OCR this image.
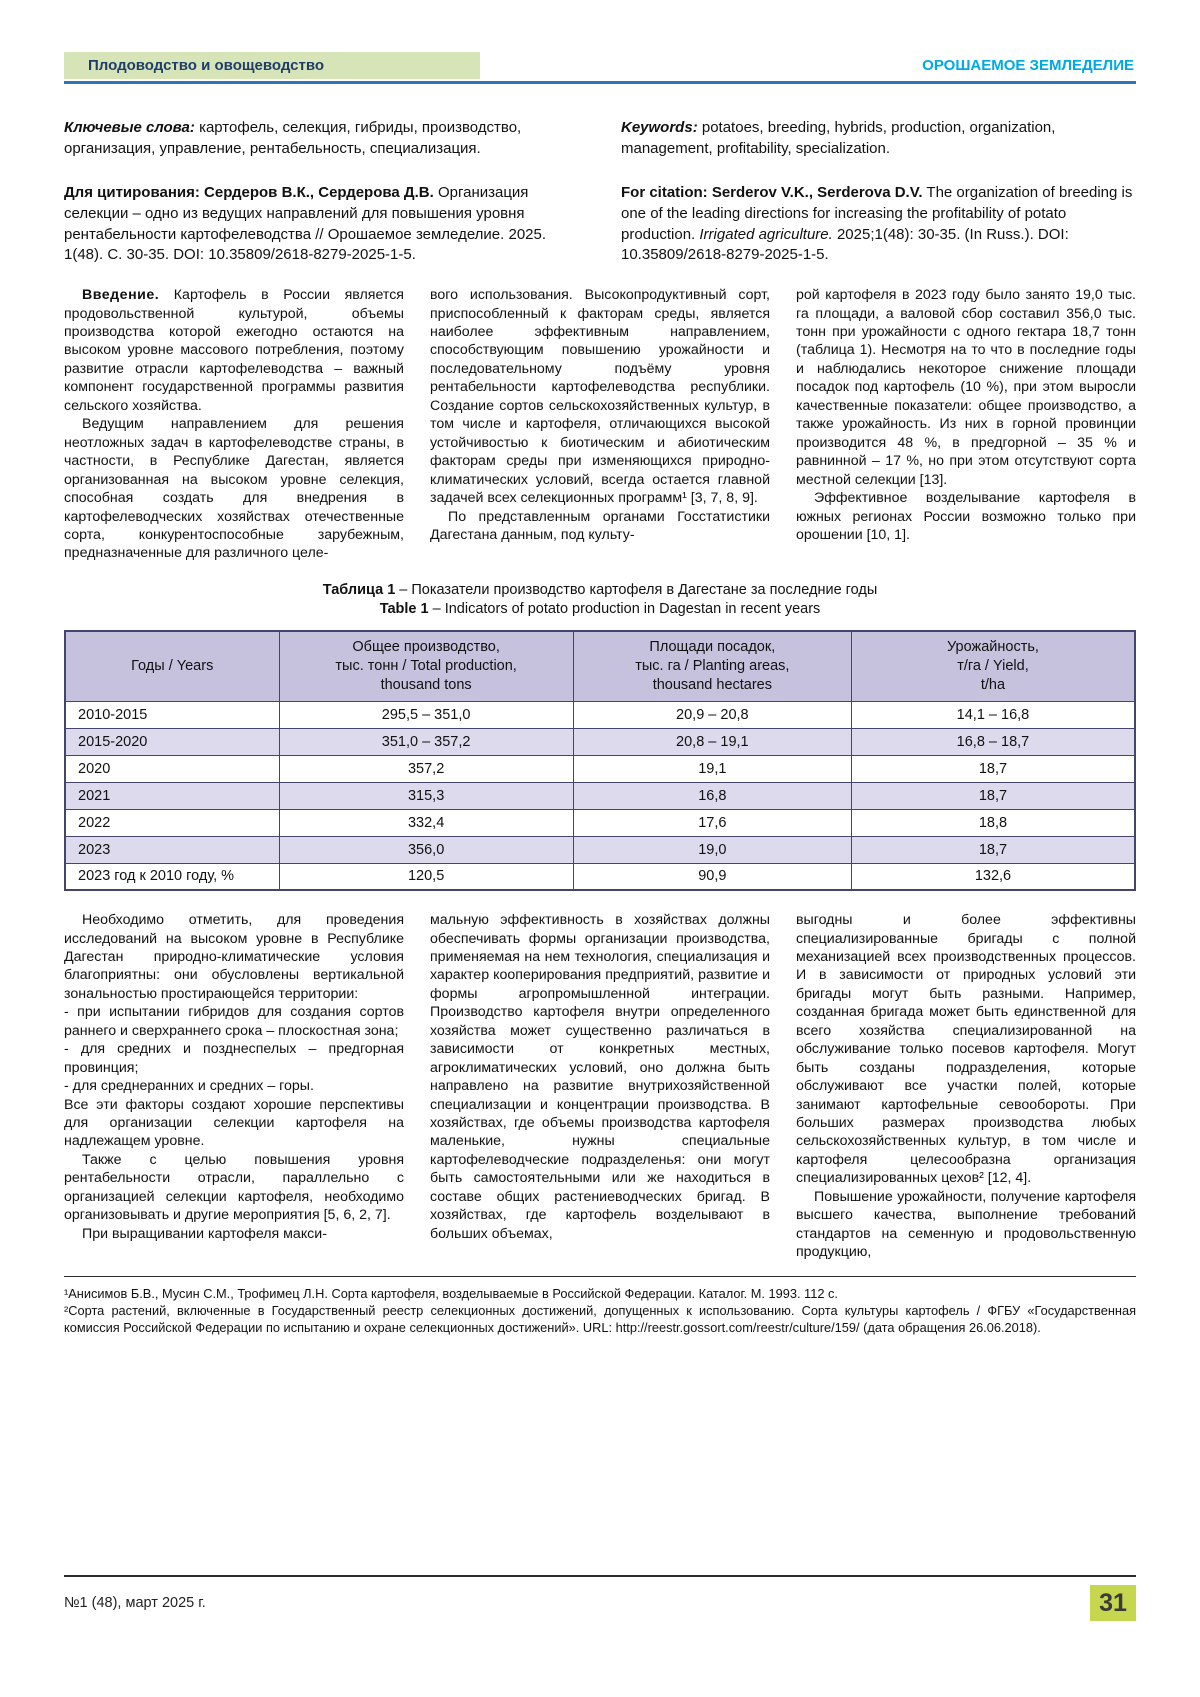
Плодоводство и овощеводство	ОРОШАЕМОЕ ЗЕМЛЕДЕЛИЕ

Ключевые слова: картофель, селекция, гибриды, производство, организация, управление, рентабельность, специализация.

Keywords: potatoes, breeding, hybrids, production, organization, management, profitability, specialization.

Для цитирования: Сердеров В.К., Сердерова Д.В. Организация селекции – одно из ведущих направлений для повышения уровня рентабельности картофелеводства // Орошаемое земледелие. 2025. 1(48). С. 30-35. DOI: 10.35809/2618-8279-2025-1-5.

For citation: Serderov V.K., Serderova D.V. The organization of breeding is one of the leading directions for increasing the profitability of potato production. Irrigated agriculture. 2025;1(48): 30-35. (In Russ.). DOI: 10.35809/2618-8279-2025-1-5.

Введение. Картофель в России является продовольственной культурой, объемы производства которой ежегодно остаются на высоком уровне массового потребления, поэтому развитие отрасли картофелеводства – важный компонент государственной программы развития сельского хозяйства.

Ведущим направлением для решения неотложных задач в картофелеводстве страны, в частности, в Республике Дагестан, является организованная на высоком уровне селекция, способная создать для внедрения в картофелеводческих хозяйствах отечественные сорта, конкурентоспособные зарубежным, предназначенные для различного целе-

вого использования. Высокопродуктивный сорт, приспособленный к факторам среды, является наиболее эффективным направлением, способствующим повышению урожайности и последовательному подъёму уровня рентабельности картофелеводства республики. Создание сортов сельскохозяйственных культур, в том числе и картофеля, отличающихся высокой устойчивостью к биотическим и абиотическим факторам среды при изменяющихся природно-климатических условий, всегда остается главной задачей всех селекционных программ¹ [3, 7, 8, 9].

По представленным органами Госстатистики Дагестана данным, под культу-

рой картофеля в 2023 году было занято 19,0 тыс. га площади, а валовой сбор составил 356,0 тыс. тонн при урожайности с одного гектара 18,7 тонн (таблица 1). Несмотря на то что в последние годы и наблюдались некоторое снижение площади посадок под картофель (10 %), при этом выросли качественные показатели: общее производство, а также урожайность. Из них в горной провинции производится 48 %, в предгорной – 35 % и равнинной – 17 %, но при этом отсутствуют сорта местной селекции [13].

Эффективное возделывание картофеля в южных регионах России возможно только при орошении [10, 1].

Таблица 1 – Показатели производство картофеля в Дагестане за последние годы
Table 1 – Indicators of potato production in Dagestan in recent years
Годы / Years	Общее производство,
тыс. тонн / Total production,
thousand tons	Площади посадок,
тыс. га / Planting areas,
thousand hectares	Урожайность,
т/га / Yield,
t/ha
2010-2015	295,5 – 351,0	20,9 – 20,8	14,1 – 16,8
2015-2020	351,0 – 357,2	20,8 – 19,1	16,8 – 18,7
2020	357,2	19,1	18,7
2021	315,3	16,8	18,7
2022	332,4	17,6	18,8
2023	356,0	19,0	18,7
2023 год к 2010 году, %	120,5	90,9	132,6

Необходимо отметить, для проведения исследований на высоком уровне в Республике Дагестан природно-климатические условия благоприятны: они обусловлены вертикальной зональностью простирающейся территории:

- при испытании гибридов для создания сортов раннего и сверхраннего срока – плоскостная зона;

- для средних и позднеспелых – предгорная провинция;

- для среднеранних и средних – горы.

Все эти факторы создают хорошие перспективы для организации селекции картофеля на надлежащем уровне.

Также с целью повышения уровня рентабельности отрасли, параллельно с организацией селекции картофеля, необходимо организовывать и другие мероприятия [5, 6, 2, 7].

При выращивании картофеля макси-

мальную эффективность в хозяйствах должны обеспечивать формы организации производства, применяемая на нем технология, специализация и характер кооперирования предприятий, развитие и формы агропромышленной интеграции. Производство картофеля внутри определенного хозяйства может существенно различаться в зависимости от конкретных местных, агроклиматических условий, оно должна быть направлено на развитие внутрихозяйственной специализации и концентрации производства. В хозяйствах, где объемы производства картофеля маленькие, нужны специальные картофелеводческие подразделенья: они могут быть самостоятельными или же находиться в составе общих растениеводческих бригад. В хозяйствах, где картофель возделывают в больших объемах,

выгодны и более эффективны специализированные бригады с полной механизацией всех производственных процессов. И в зависимости от природных условий эти бригады могут быть разными. Например, созданная бригада может быть единственной для всего хозяйства специализированной на обслуживание только посевов картофеля. Могут быть созданы подразделения, которые обслуживают все участки полей, которые занимают картофельные севообороты. При больших размерах производства любых сельскохозяйственных культур, в том числе и картофеля целесообразна организация специализированных цехов² [12, 4].

Повышение урожайности, получение картофеля высшего качества, выполнение требований стандартов на семенную и продовольственную продукцию,

¹Анисимов Б.В., Мусин С.М., Трофимец Л.Н. Сорта картофеля, возделываемые в Российской Федерации. Каталог. М. 1993. 112 с.

²Сорта растений, включенные в Государственный реестр селекционных достижений, допущенных к использованию. Сорта культуры картофель / ФГБУ «Государственная комиссия Российской Федерации по испытанию и охране селекционных достижений». URL: http://reestr.gossort.com/reestr/culture/159/ (дата обращения 26.06.2018).

№1 (48), март 2025 г.	31
